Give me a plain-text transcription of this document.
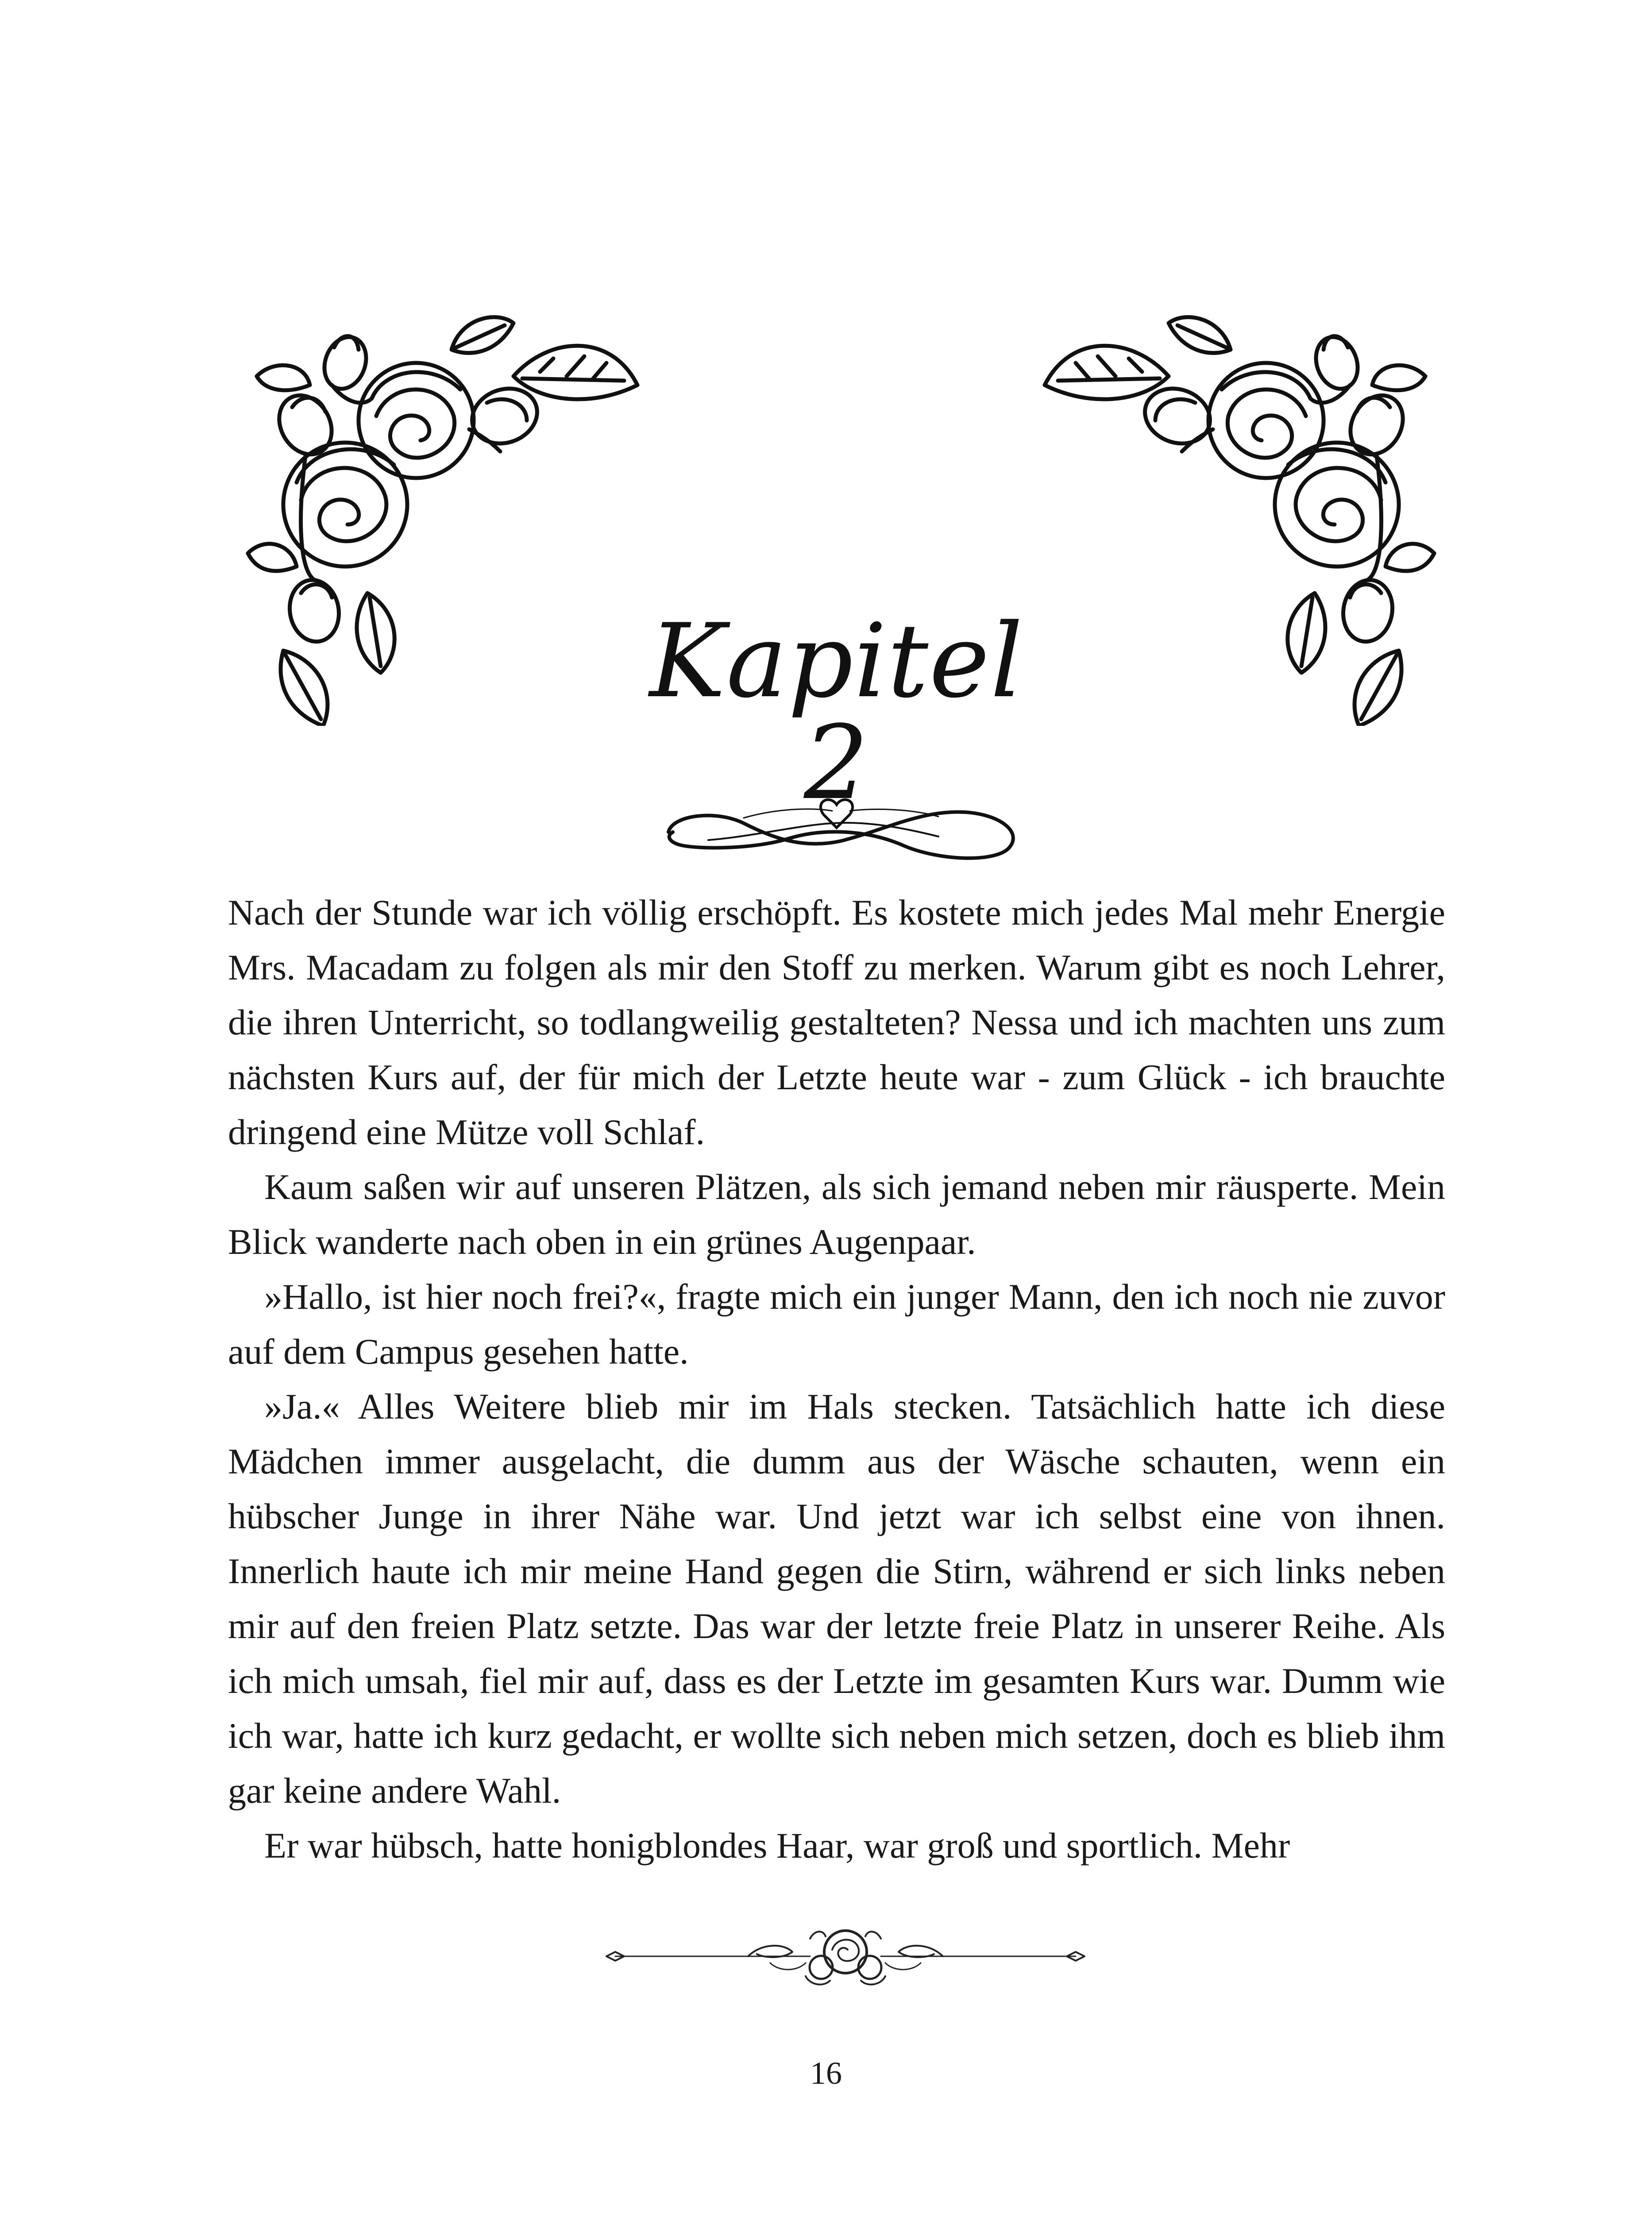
Kapitel 2

Nach der Stunde war ich völlig erschöpft. Es kostete mich jedes Mal mehr Energie Mrs. Macadam zu folgen als mir den Stoff zu merken. Warum gibt es noch Lehrer, die ihren Unterricht, so todlangweilig gestalteten? Nessa und ich machten uns zum nächsten Kurs auf, der für mich der Letzte heute war - zum Glück - ich brauchte dringend eine Mütze voll Schlaf.

Kaum saßen wir auf unseren Plätzen, als sich jemand neben mir räusperte. Mein Blick wanderte nach oben in ein grünes Augenpaar.

»Hallo, ist hier noch frei?«, fragte mich ein junger Mann, den ich noch nie zuvor auf dem Campus gesehen hatte.

»Ja.« Alles Weitere blieb mir im Hals stecken. Tatsächlich hatte ich diese Mädchen immer ausgelacht, die dumm aus der Wäsche schauten, wenn ein hübscher Junge in ihrer Nähe war. Und jetzt war ich selbst eine von ihnen. Innerlich haute ich mir meine Hand gegen die Stirn, während er sich links neben mir auf den freien Platz setzte. Das war der letzte freie Platz in unserer Reihe. Als ich mich umsah, fiel mir auf, dass es der Letzte im gesamten Kurs war. Dumm wie ich war, hatte ich kurz gedacht, er wollte sich neben mich setzen, doch es blieb ihm gar keine andere Wahl.

Er war hübsch, hatte honigblondes Haar, war groß und sportlich. Mehr

16
